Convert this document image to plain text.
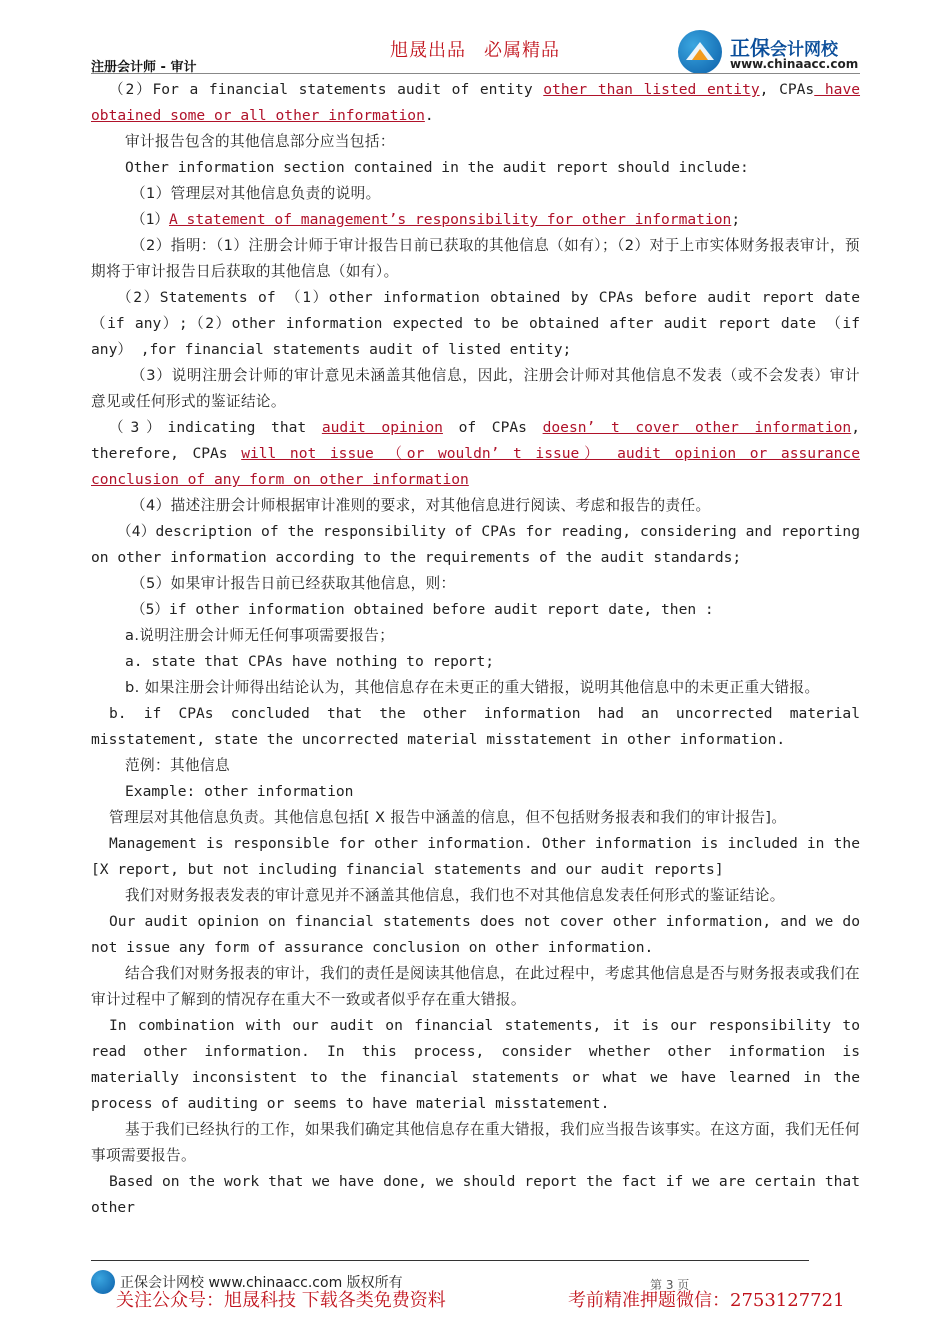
注册会计师 - 审计
旭晟出品 必属精品	正保会计网校
www.chinaacc.com

（2）For a financial statements audit of entity other than listed entity, CPAs have obtained some or all other information.

审计报告包含的其他信息部分应当包括：

Other information section contained in the audit report should include:

（1）管理层对其他信息负责的说明。

（1）A statement of management’s responsibility for other information;

（2）指明：（1）注册会计师于审计报告日前已获取的其他信息（如有）；（2）对于上市实体财务报表审计，预期将于审计报告日后获取的其他信息（如有）。

（2）Statements of （1）other information obtained by CPAs before audit report date （if any）;（2）other information expected to be obtained after audit report date （if any） ,for financial statements audit of listed entity;

（3）说明注册会计师的审计意见未涵盖其他信息，因此，注册会计师对其他信息不发表（或不会发表）审计意见或任何形式的鉴证结论。

（3）indicating that audit opinion of CPAs doesn’ t cover other information, therefore, CPAs will not issue （or wouldn’ t issue） audit opinion or assurance conclusion of any form on other information

（4）描述注册会计师根据审计准则的要求，对其他信息进行阅读、考虑和报告的责任。

（4）description of the responsibility of CPAs for reading, considering and reporting on other information according to the requirements of the audit standards;

（5）如果审计报告日前已经获取其他信息，则：

（5）if other information obtained before audit report date, then :

a.说明注册会计师无任何事项需要报告；

a. state that CPAs have nothing to report;

b. 如果注册会计师得出结论认为，其他信息存在未更正的重大错报，说明其他信息中的未更正重大错报。

b. if CPAs concluded that the other information had an uncorrected material misstatement, state the uncorrected material misstatement in other information.

范例：其他信息

Example: other information

管理层对其他信息负责。其他信息包括[ X 报告中涵盖的信息，但不包括财务报表和我们的审计报告]。

Management is responsible for other information. Other information is included in the [X report, but not including financial statements and our audit reports]

我们对财务报表发表的审计意见并不涵盖其他信息，我们也不对其他信息发表任何形式的鉴证结论。

Our audit opinion on financial statements does not cover other information, and we do not issue any form of assurance conclusion on other information.

结合我们对财务报表的审计，我们的责任是阅读其他信息，在此过程中，考虑其他信息是否与财务报表或我们在审计过程中了解到的情况存在重大不一致或者似乎存在重大错报。

In combination with our audit on financial statements, it is our responsibility to read other information. In this process, consider whether other information is materially inconsistent to the financial statements or what we have learned in the process of auditing or seems to have material misstatement.

基于我们已经执行的工作，如果我们确定其他信息存在重大错报，我们应当报告该事实。在这方面，我们无任何事项需要报告。

Based on the work that we have done, we should report the fact if we are certain that other

正保会计网校 www.chinaacc.com 版权所有	第 3 页
关注公众号：旭晟科技 下载各类免费资料	考前精准押题微信：2753127721
